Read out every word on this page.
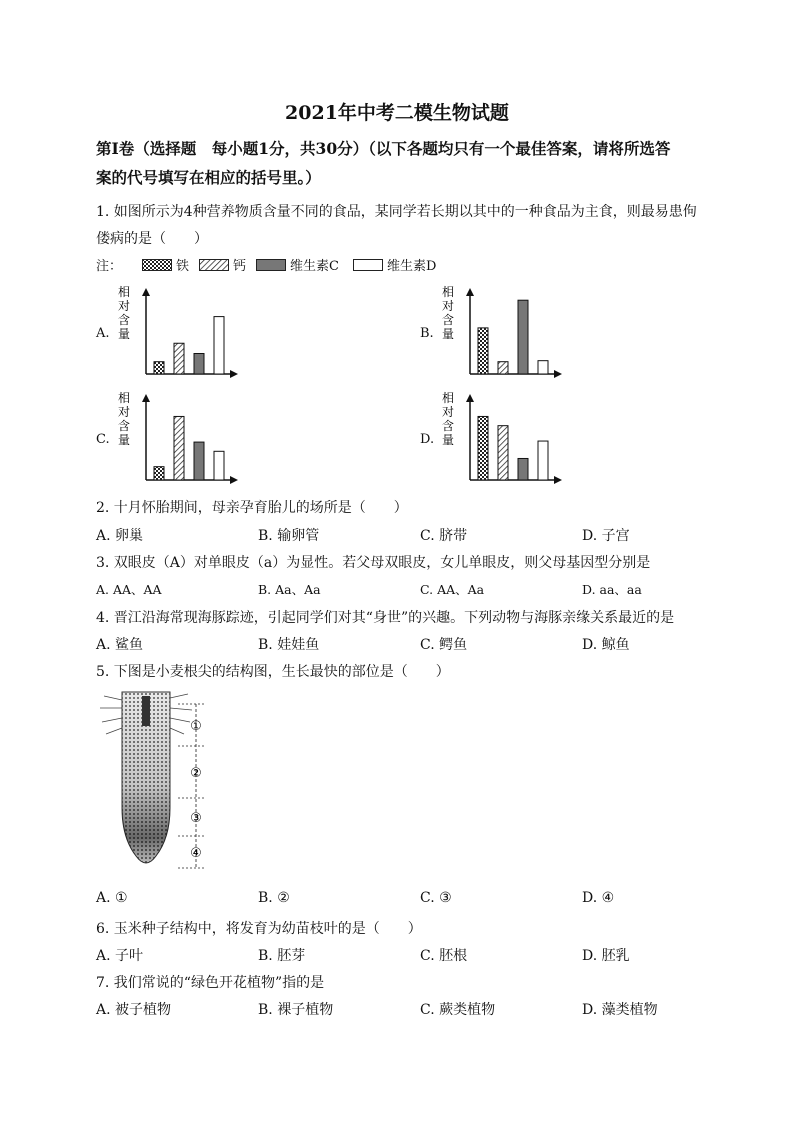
2021年中考二模生物试题
第Ⅰ卷（选择题　每小题1分，共30分）（以下各题均只有一个最佳答案，请将所选答
案的代号填写在相应的括号里。）
1. 如图所示为4种营养物质含量不同的食品，某同学若长期以其中的一种食品为主食，则最易患佝
偻病的是（　　）
注：	铁	钙	维生素C	维生素D
A.
相
对
含
量	B.
相
对
含
量
C.
相
对
含
量	D.
相
对
含
量
2. 十月怀胎期间，母亲孕育胎儿的场所是（　　）
A. 卵巢	B. 输卵管	C. 脐带	D. 子宫
3. 双眼皮（A）对单眼皮（a）为显性。若父母双眼皮，女儿单眼皮，则父母基因型分别是
A. AA、AA	B. Aa、Aa	C. AA、Aa	D. aa、aa
4. 晋江沿海常现海豚踪迹，引起同学们对其“身世”的兴趣。下列动物与海豚亲缘关系最近的是
A. 鲨鱼	B. 娃娃鱼	C. 鳄鱼	D. 鲸鱼
5. 下图是小麦根尖的结构图，生长最快的部位是（　　）
①
②
③
④
A. ①	B. ②	C. ③	D. ④
6. 玉米种子结构中，将发育为幼苗枝叶的是（　　）
A. 子叶	B. 胚芽	C. 胚根	D. 胚乳
7. 我们常说的“绿色开花植物”指的是
A. 被子植物	B. 裸子植物	C. 蕨类植物	D. 藻类植物
